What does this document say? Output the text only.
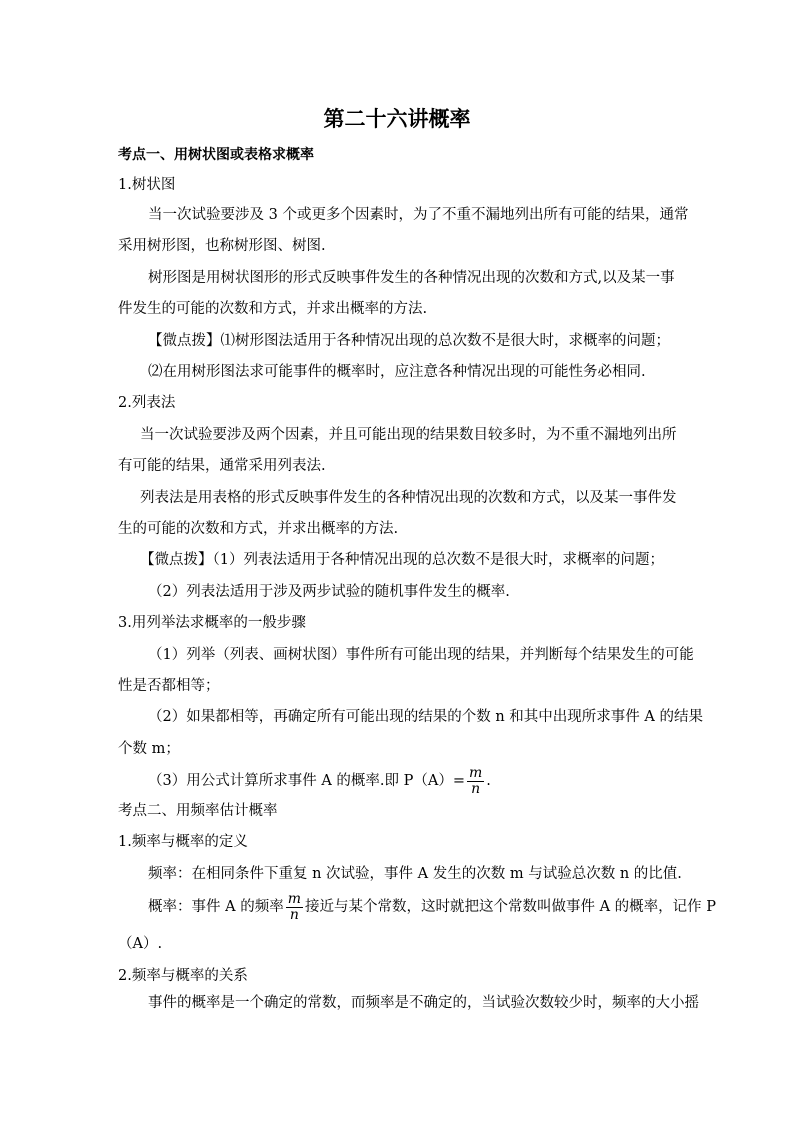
第二十六讲概率
考点一、用树状图或表格求概率
1.树状图
当一次试验要涉及 3 个或更多个因素时，为了不重不漏地列出所有可能的结果，通常
采用树形图，也称树形图、树图.
树形图是用树状图形的形式反映事件发生的各种情况出现的次数和方式,以及某一事
件发生的可能的次数和方式，并求出概率的方法.
【微点拨】⑴树形图法适用于各种情况出现的总次数不是很大时，求概率的问题；
⑵在用树形图法求可能事件的概率时，应注意各种情况出现的可能性务必相同.
2.列表法
当一次试验要涉及两个因素，并且可能出现的结果数目较多时，为不重不漏地列出所
有可能的结果，通常采用列表法.
列表法是用表格的形式反映事件发生的各种情况出现的次数和方式，以及某一事件发
生的可能的次数和方式，并求出概率的方法.
【微点拨】（1）列表法适用于各种情况出现的总次数不是很大时，求概率的问题；
（2）列表法适用于涉及两步试验的随机事件发生的概率.
3.用列举法求概率的一般步骤
（1）列举（列表、画树状图）事件所有可能出现的结果，并判断每个结果发生的可能
性是否都相等；
（2）如果都相等，再确定所有可能出现的结果的个数 n 和其中出现所求事件 A 的结果
个数 m；
（3）用公式计算所求事件 A 的概率.即 $P(A)= \frac{m}{n}$ .
考点二、用频率估计概率
1.频率与概率的定义
频率：在相同条件下重复 n 次试验，事件 A 发生的次数 m 与试验总次数 n 的比值.
概率：事件 A 的频率 $\frac{m}{n}$ 接近与某个常数，这时就把这个常数叫做事件 A 的概率，记作 P
（A）.
2.频率与概率的关系
事件的概率是一个确定的常数，而频率是不确定的，当试验次数较少时，频率的大小摇
